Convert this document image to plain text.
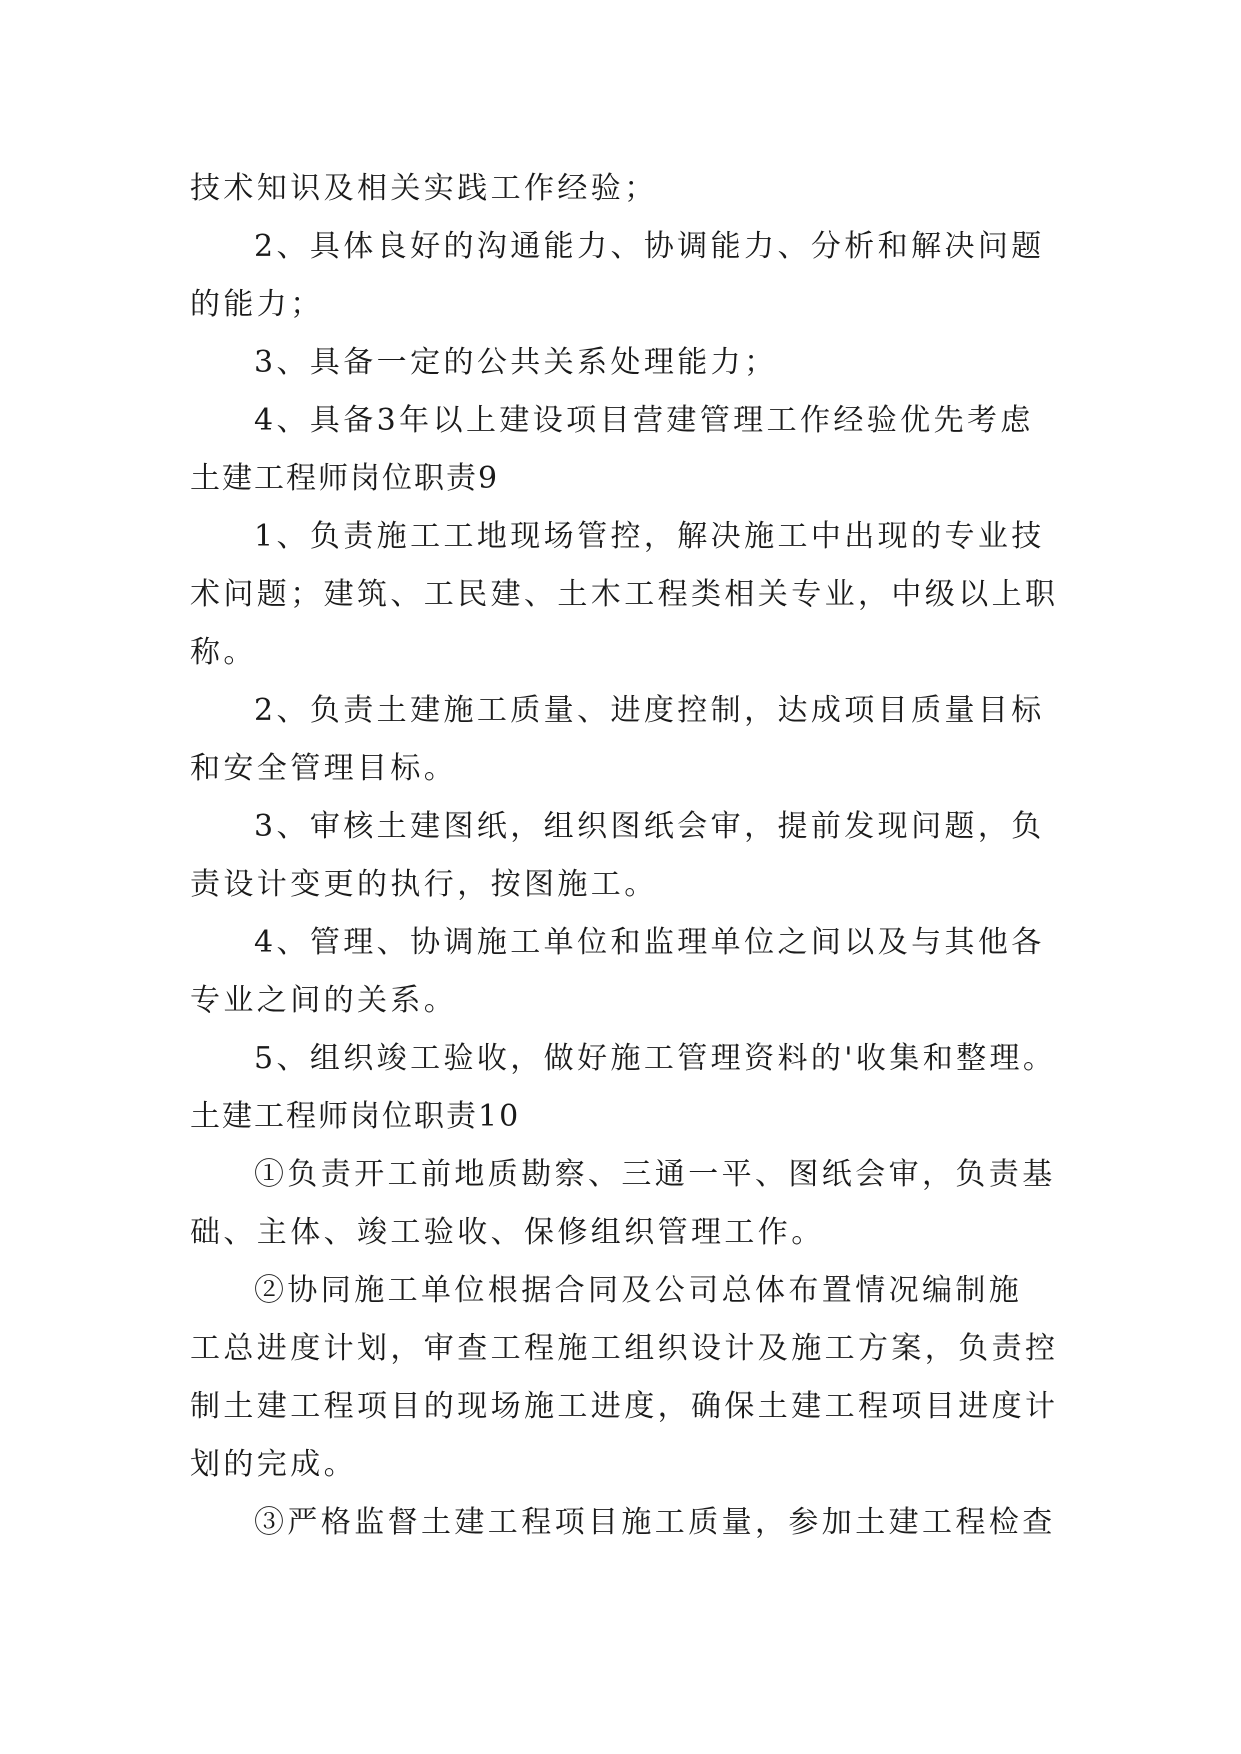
技术知识及相关实践工作经验；
2、具体良好的沟通能力、协调能力、分析和解决问题
的能力；
3、具备一定的公共关系处理能力；
4、具备3年以上建设项目营建管理工作经验优先考虑
土建工程师岗位职责9
1、负责施工工地现场管控，解决施工中出现的专业技
术问题；建筑、工民建、土木工程类相关专业，中级以上职
称。
2、负责土建施工质量、进度控制，达成项目质量目标
和安全管理目标。
3、审核土建图纸，组织图纸会审，提前发现问题，负
责设计变更的执行，按图施工。
4、管理、协调施工单位和监理单位之间以及与其他各
专业之间的关系。
5、组织竣工验收，做好施工管理资料的'收集和整理。
土建工程师岗位职责10
①负责开工前地质勘察、三通一平、图纸会审，负责基
础、主体、竣工验收、保修组织管理工作。
②协同施工单位根据合同及公司总体布置情况编制施
工总进度计划，审查工程施工组织设计及施工方案，负责控
制土建工程项目的现场施工进度，确保土建工程项目进度计
划的完成。
③严格监督土建工程项目施工质量，参加土建工程检查
